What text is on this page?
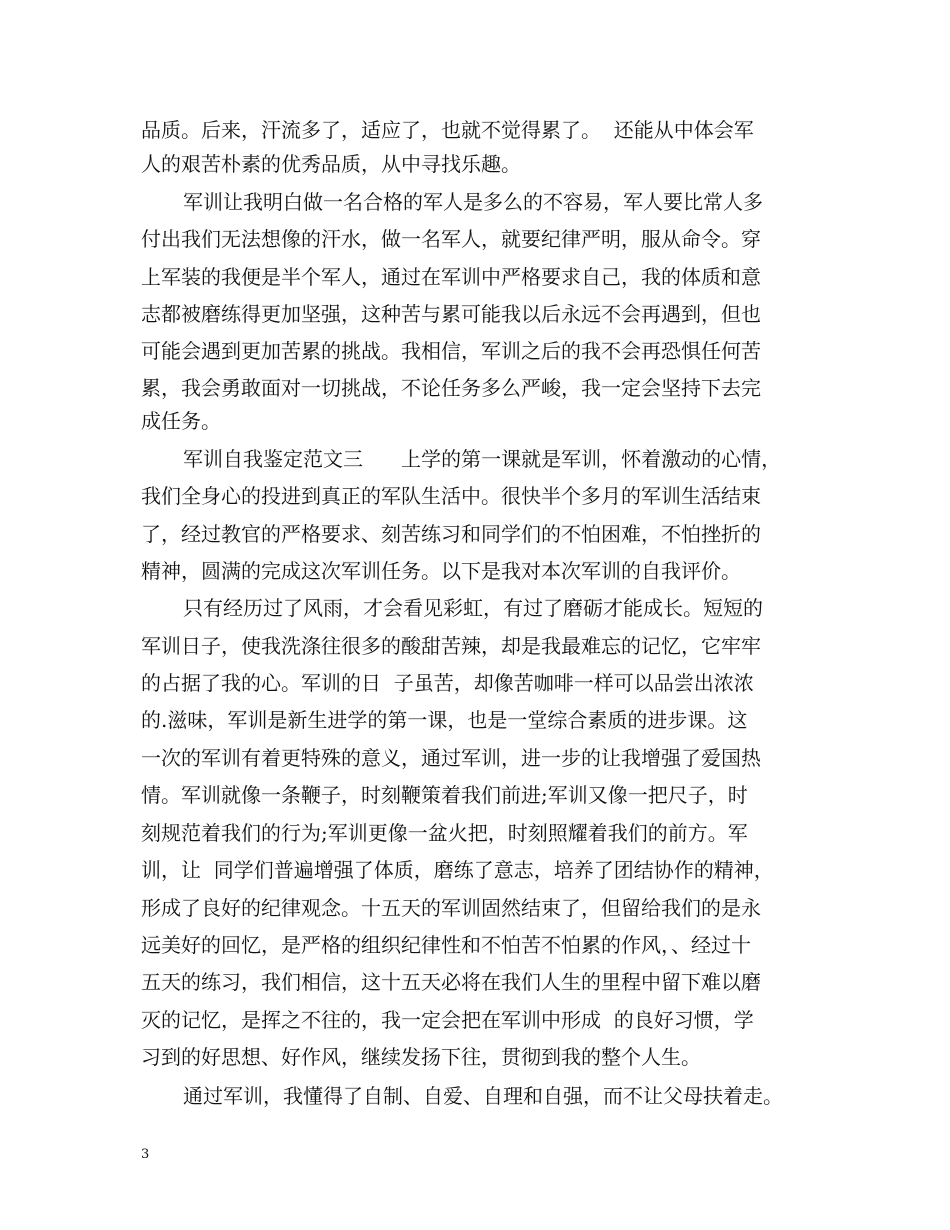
品质。后来，汗流多了，适应了，也就不觉得累了。  还能从中体会军
人的艰苦朴素的优秀品质，从中寻找乐趣。
军训让我明白做一名合格的军人是多么的不容易，军人要比常人多
付出我们无法想像的汗水，做一名军人，就要纪律严明，服从命令。穿
上军装的我便是半个军人，通过在军训中严格要求自己，我的体质和意
志都被磨练得更加坚强，这种苦与累可能我以后永远不会再遇到，但也
可能会遇到更加苦累的挑战。我相信，军训之后的我不会再恐惧任何苦
累，我会勇敢面对一切挑战，不论任务多么严峻，我一定会坚持下去完
成任务。
军训自我鉴定范文三      上学的第一课就是军训，怀着激动的心情，
我们全身心的投进到真正的军队生活中。很快半个多月的军训生活结束
了，经过教官的严格要求、刻苦练习和同学们的不怕困难，不怕挫折的
精神，圆满的完成这次军训任务。以下是我对本次军训的自我评价。
只有经历过了风雨，才会看见彩虹，有过了磨砺才能成长。短短的
军训日子，使我洗涤往很多的酸甜苦辣，却是我最难忘的记忆，它牢牢
的占据了我的心。军训的日  子虽苦，却像苦咖啡一样可以品尝出浓浓
的.滋味，军训是新生进学的第一课，也是一堂综合素质的进步课。这
一次的军训有着更特殊的意义，通过军训，进一步的让我增强了爱国热
情。军训就像一条鞭子，时刻鞭策着我们前进;军训又像一把尺子，时
刻规范着我们的行为;军训更像一盆火把，时刻照耀着我们的前方。军
训，让  同学们普遍增强了体质，磨练了意志，培养了团结协作的精神，
形成了良好的纪律观念。十五天的军训固然结束了，但留给我们的是永
远美好的回忆，是严格的组织纪律性和不怕苦不怕累的作风，、经过十
五天的练习，我们相信，这十五天必将在我们人生的里程中留下难以磨
灭的记忆，是挥之不往的，我一定会把在军训中形成  的良好习惯，学
习到的好思想、好作风，继续发扬下往，贯彻到我的整个人生。
通过军训，我懂得了自制、自爱、自理和自强，而不让父母扶着走。
3
